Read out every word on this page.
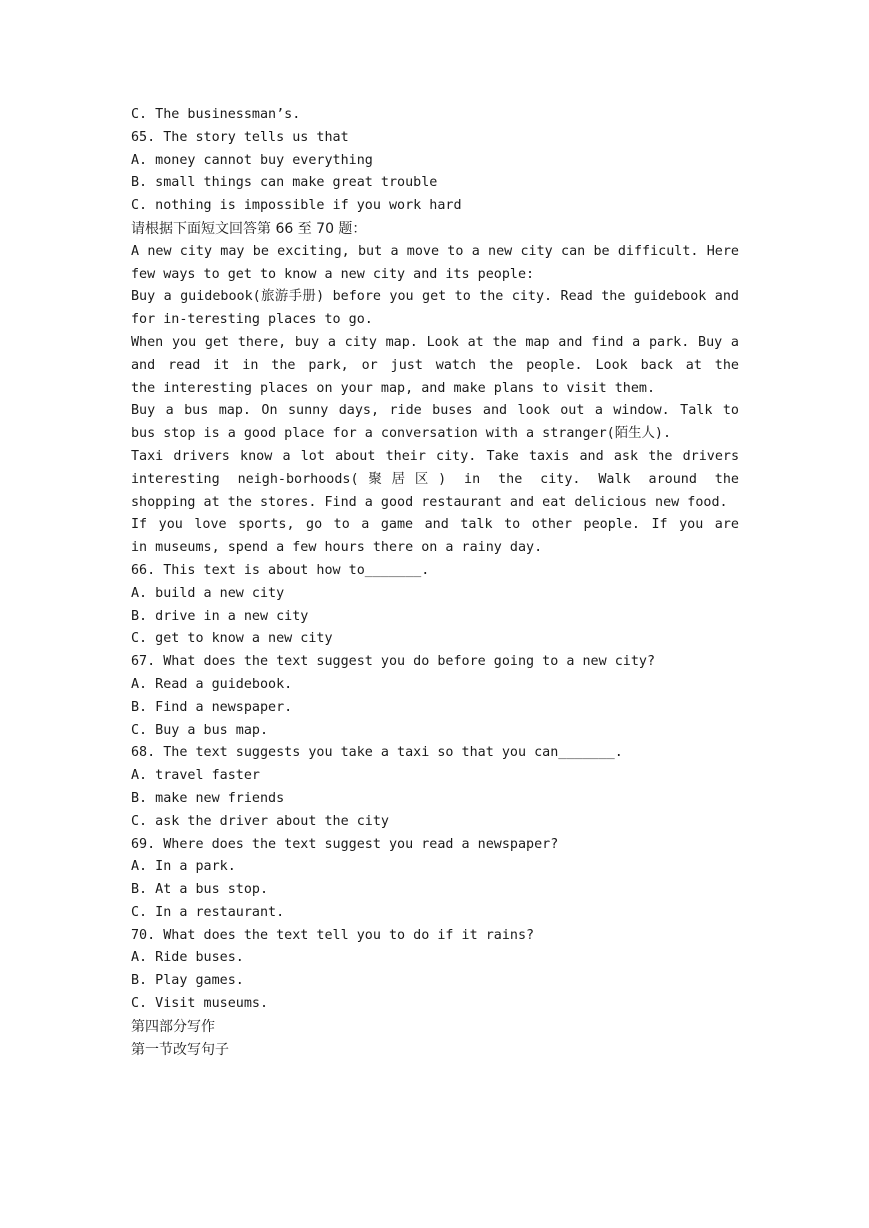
C. The businessman’s.
65. The story tells us that
A. money cannot buy everything
B. small things can make great trouble
C. nothing is impossible if you work hard
请根据下面短文回答第 66 至 70 题：
A new city may be exciting, but a move to a new city can be difficult. Here
few ways to get to know a new city and its people:
Buy a guidebook(旅游手册) before you get to the city. Read the guidebook and
for in-teresting places to go.
When you get there, buy a city map. Look at the map and find a park. Buy a
and read it in the park, or just watch the people. Look back at the
the interesting places on your map, and make plans to visit them.
Buy a bus map. On sunny days, ride buses and look out a window. Talk to
bus stop is a good place for a conversation with a stranger(陌生人).
Taxi drivers know a lot about their city. Take taxis and ask the drivers
interesting neigh-borhoods(聚居区) in the city. Walk around the
shopping at the stores. Find a good restaurant and eat delicious new food.
If you love sports, go to a game and talk to other people. If you are
in museums, spend a few hours there on a rainy day.
66. This text is about how to_______.
A. build a new city
B. drive in a new city
C. get to know a new city
67. What does the text suggest you do before going to a new city?
A. Read a guidebook.
B. Find a newspaper.
C. Buy a bus map.
68. The text suggests you take a taxi so that you can_______.
A. travel faster
B. make new friends
C. ask the driver about the city
69. Where does the text suggest you read a newspaper?
A. In a park.
B. At a bus stop.
C. In a restaurant.
70. What does the text tell you to do if it rains?
A. Ride buses.
B. Play games.
C. Visit museums.
第四部分写作
第一节改写句子
